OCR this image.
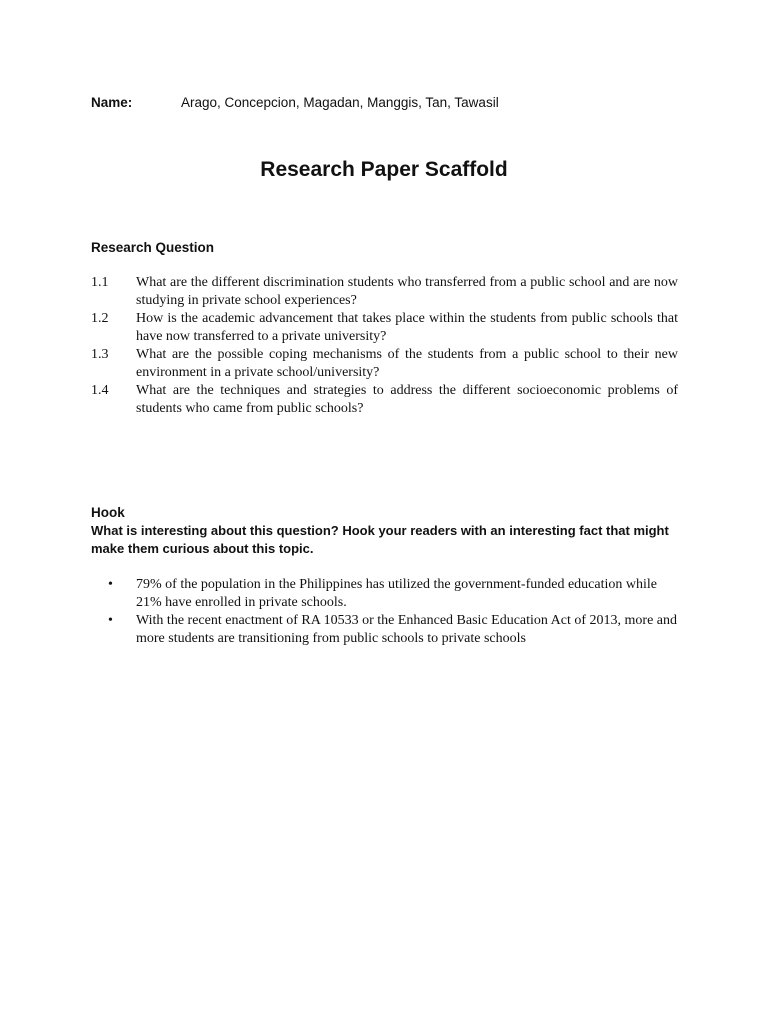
Name:	Arago, Concepcion, Magadan, Manggis, Tan, Tawasil
Research Paper Scaffold
Research Question
1.1	What are the different discrimination students who transferred from a public school and are now studying in private school experiences?
1.2	How is the academic advancement that takes place within the students from public schools that have now transferred to a private university?
1.3	What are the possible coping mechanisms of the students from a public school to their new environment in a private school/university?
1.4	What are the techniques and strategies to address the different socioeconomic problems of students who came from public schools?
Hook
What is interesting about this question? Hook your readers with an interesting fact that might make them curious about this topic.
•	79% of the population in the Philippines has utilized the government-funded education while 21% have enrolled in private schools.
•	With the recent enactment of RA 10533 or the Enhanced Basic Education Act of 2013, more and more students are transitioning from public schools to private schools
